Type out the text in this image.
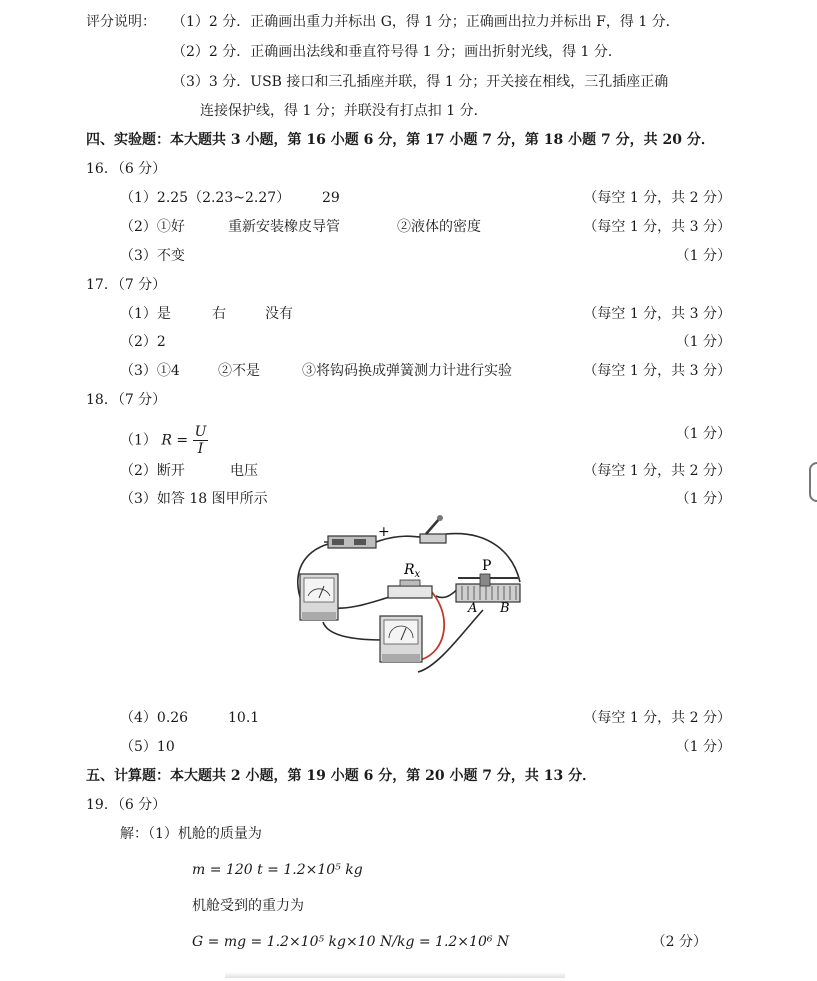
评分说明： （1）2 分．正确画出重力并标出 G，得 1 分；正确画出拉力并标出 F，得 1 分．
（2）2 分．正确画出法线和垂直符号得 1 分；画出折射光线，得 1 分．
（3）3 分．USB 接口和三孔插座并联，得 1 分；开关接在相线，三孔插座正确
连接保护线，得 1 分；并联没有打点扣 1 分．
四、实验题：本大题共 3 小题，第 16 小题 6 分，第 17 小题 7 分，第 18 小题 7 分，共 20 分．
16．（6 分）
（1）2.25（2.23~2.27） 29	（每空 1 分，共 2 分）
（2）①好	重新安装橡皮导管	②液体的密度	（每空 1 分，共 3 分）
（3）不变	（1 分）
17．（7 分）
（1）是	右	没有	（每空 1 分，共 3 分）
（2）2	（1 分）
（3）①4	②不是	③将钩码换成弹簧测力计进行实验	（每空 1 分，共 3 分）
18．（7 分）
（1） $R = \frac{U}{I}$	（1 分）
（2）断开	电压	（每空 1 分，共 2 分）
（3）如答 18 图甲所示	（1 分）
+
$R_x$
P
A B
（4）0.26	10.1	（每空 1 分，共 2 分）
（5）10	（1 分）
五、计算题：本大题共 2 小题，第 19 小题 6 分，第 20 小题 7 分，共 13 分．
19．（6 分）
解：（1）机舱的质量为
m = 120 t = 1.2×10⁵ kg
机舱受到的重力为
G = mg = 1.2×10⁵ kg×10 N/kg = 1.2×10⁶ N	（2 分）
